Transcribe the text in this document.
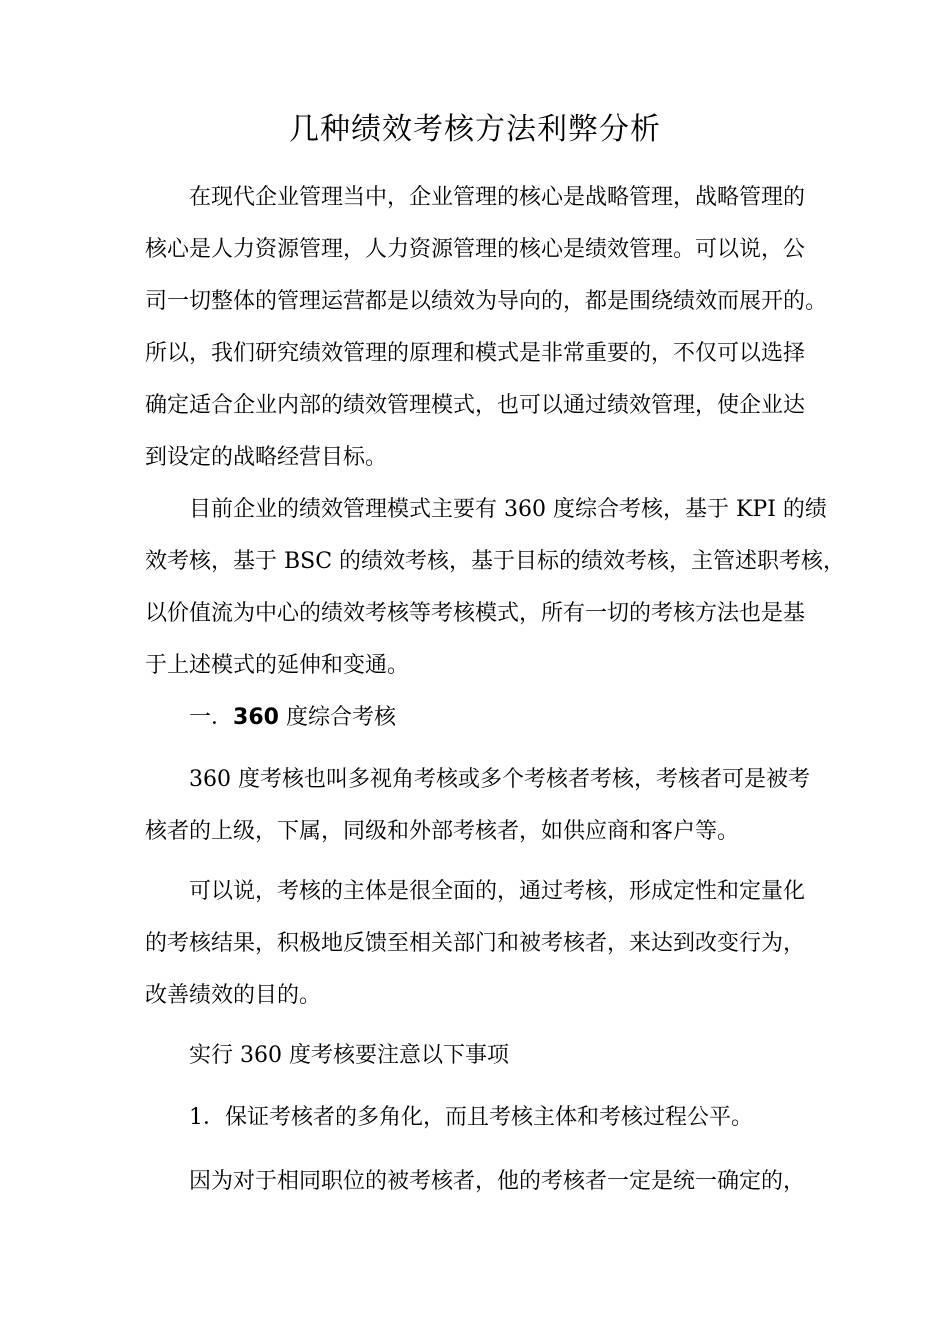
几种绩效考核方法利弊分析
在现代企业管理当中，企业管理的核心是战略管理，战略管理的
核心是人力资源管理，人力资源管理的核心是绩效管理。可以说，公
司一切整体的管理运营都是以绩效为导向的，都是围绕绩效而展开的。
所以，我们研究绩效管理的原理和模式是非常重要的，不仅可以选择
确定适合企业内部的绩效管理模式，也可以通过绩效管理，使企业达
到设定的战略经营目标。
目前企业的绩效管理模式主要有 360 度综合考核，基于 KPI 的绩
效考核，基于 BSC 的绩效考核，基于目标的绩效考核，主管述职考核，
以价值流为中心的绩效考核等考核模式，所有一切的考核方法也是基
于上述模式的延伸和变通。
一．360 度综合考核
360 度考核也叫多视角考核或多个考核者考核，考核者可是被考
核者的上级，下属，同级和外部考核者，如供应商和客户等。
可以说，考核的主体是很全面的，通过考核，形成定性和定量化
的考核结果，积极地反馈至相关部门和被考核者，来达到改变行为，
改善绩效的目的。
实行 360 度考核要注意以下事项
1．保证考核者的多角化，而且考核主体和考核过程公平。
因为对于相同职位的被考核者，他的考核者一定是统一确定的，
